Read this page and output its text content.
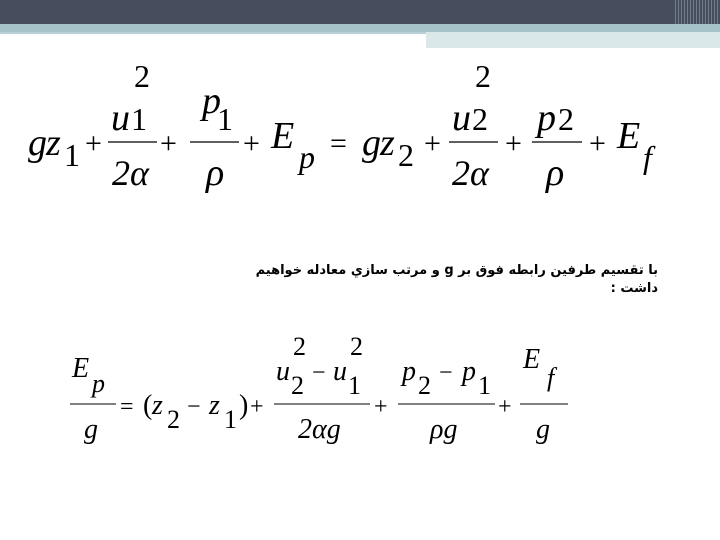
g z 1 +
u
2
1
2α
+
p
1
ρ
+ E p = g z 2 +
u
2
2
2α
+
p 2
ρ
+ E f
با تقسيم طرفين رابطه فوق بر g و مرتب سازي معادله خواهيم داشت :
E p
g
= ( z 2 − z 1 ) +
u
2
2 − u
2
1
2αg
+
p 2 − p 1
ρg
+
E
f
g
